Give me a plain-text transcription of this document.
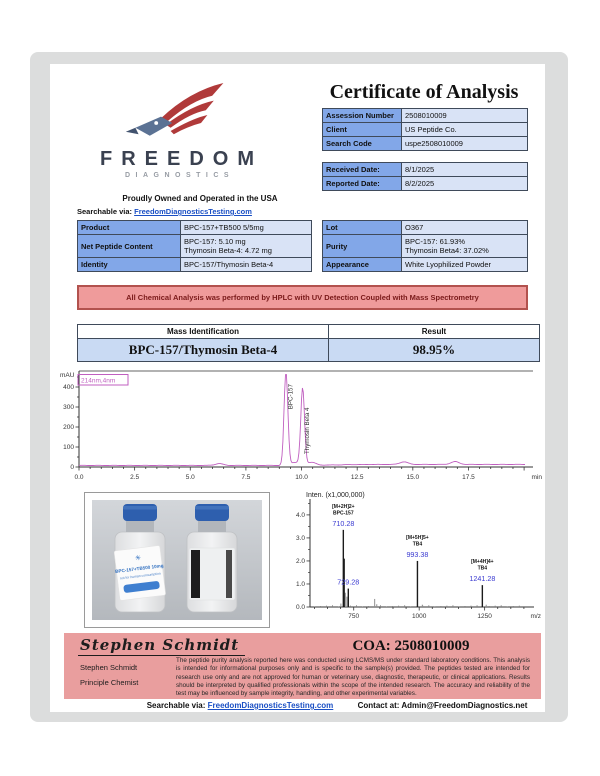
FREEDOM
DIAGNOSTICS
Proudly Owned and Operated in the USA
Searchable via: FreedomDiagnosticsTesting.com
Certificate of Analysis
Assession Number	2508010009

Client	US Peptide Co.

Search Code	uspe2508010009
Received Date:	8/1/2025

Reported Date:	8/2/2025
Product	BPC-157+TB500 5/5mg

Net Peptide Content	BPC-157: 5.10 mg
Thymosin Beta-4: 4.72 mg

Identity	BPC-157/Thymosin Beta-4
Lot	O367

Purity	BPC-157: 61.93%
Thymosin Beta4: 37.02%

Appearance	White Lyophilized Powder
All Chemical Analysis was performed by HPLC with UV Detection Coupled with Mass Spectrometry
Mass Identification	Result
BPC-157/Thymosin Beta-4	98.95%
mAU
0
100
200
300
400
0.0	2.5	5.0	7.5	10.0	12.5	15.0	17.5	min
214nm,4nm
BPC-157
Thymosin Beta 4
✳
BPC-157+TB500 10mg
not for human consumption
Inten. (x1,000,000)
0.0
1.0
2.0
3.0
4.0
750	1000	1250	m/z
710.28
[M+2H]2+
BPC-157
729.28
993.38
[M+5H]5+
TB4
1241.28
[M+4H]4+
TB4
Stephen Schmidt	COA: 2508010009
Stephen Schmidt
Principle Chemist
The peptide purity analysis reported here was conducted using LCMS/MS under standard laboratory conditions. This analysis is intended for informational purposes only and is specific to the sample(s) provided. The peptides tested are intended for research use only and are not approved for human or veterinary use, diagnostic, therapeutic, or clinical applications. Results should be interpreted by qualified professionals within the scope of the intended research. The accuracy and reliability of the test may be influenced by sample integrity, handling, and other experimental variables.
Searchable via: FreedomDiagnosticsTesting.com	Contact at: Admin@FreedomDiagnostics.net
